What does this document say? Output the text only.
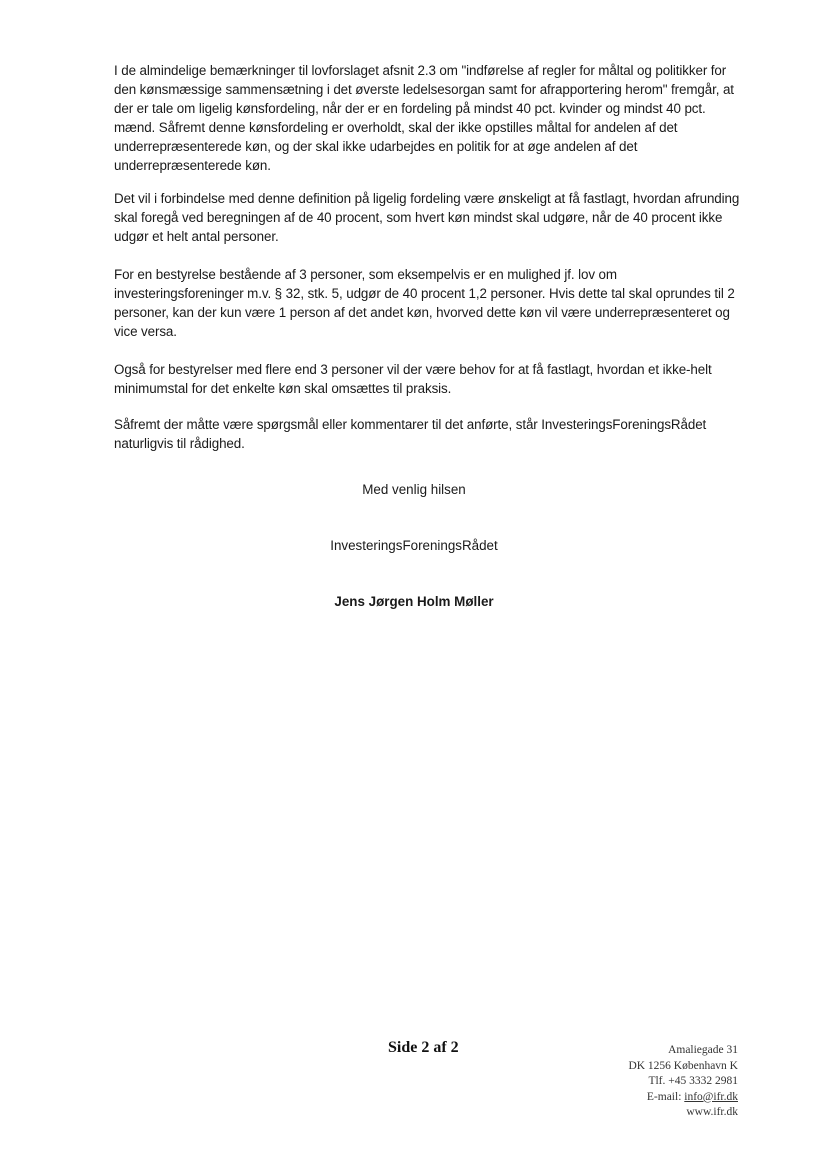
I de almindelige bemærkninger til lovforslaget afsnit 2.3 om "indførelse af regler for måltal og politikker for den kønsmæssige sammensætning i det øverste ledelsesorgan samt for afrapportering herom" fremgår, at der er tale om ligelig kønsfordeling, når der er en fordeling på mindst 40 pct. kvinder og mindst 40 pct. mænd. Såfremt denne kønsfordeling er overholdt, skal der ikke opstilles måltal for andelen af det underrepræsenterede køn, og der skal ikke udarbejdes en politik for at øge andelen af det underrepræsenterede køn.

Det vil i forbindelse med denne definition på ligelig fordeling være ønskeligt at få fastlagt, hvordan afrunding skal foregå ved beregningen af de 40 procent, som hvert køn mindst skal udgøre, når de 40 procent ikke udgør et helt antal personer.

For en bestyrelse bestående af 3 personer, som eksempelvis er en mulighed jf. lov om investeringsforeninger m.v. § 32, stk. 5, udgør de 40 procent 1,2 personer. Hvis dette tal skal oprundes til 2 personer, kan der kun være 1 person af det andet køn, hvorved dette køn vil være underrepræsenteret og vice versa.

Også for bestyrelser med flere end 3 personer vil der være behov for at få fastlagt, hvordan et ikke-helt minimumstal for det enkelte køn skal omsættes til praksis.

Såfremt der måtte være spørgsmål eller kommentarer til det anførte, står InvesteringsForeningsRådet naturligvis til rådighed.

Med venlig hilsen
InvesteringsForeningsRådet
Jens Jørgen Holm Møller
Side 2 af 2	Amaliegade 31
DK 1256 København K
Tlf. +45 3332 2981
E-mail: info@ifr.dk
www.ifr.dk
